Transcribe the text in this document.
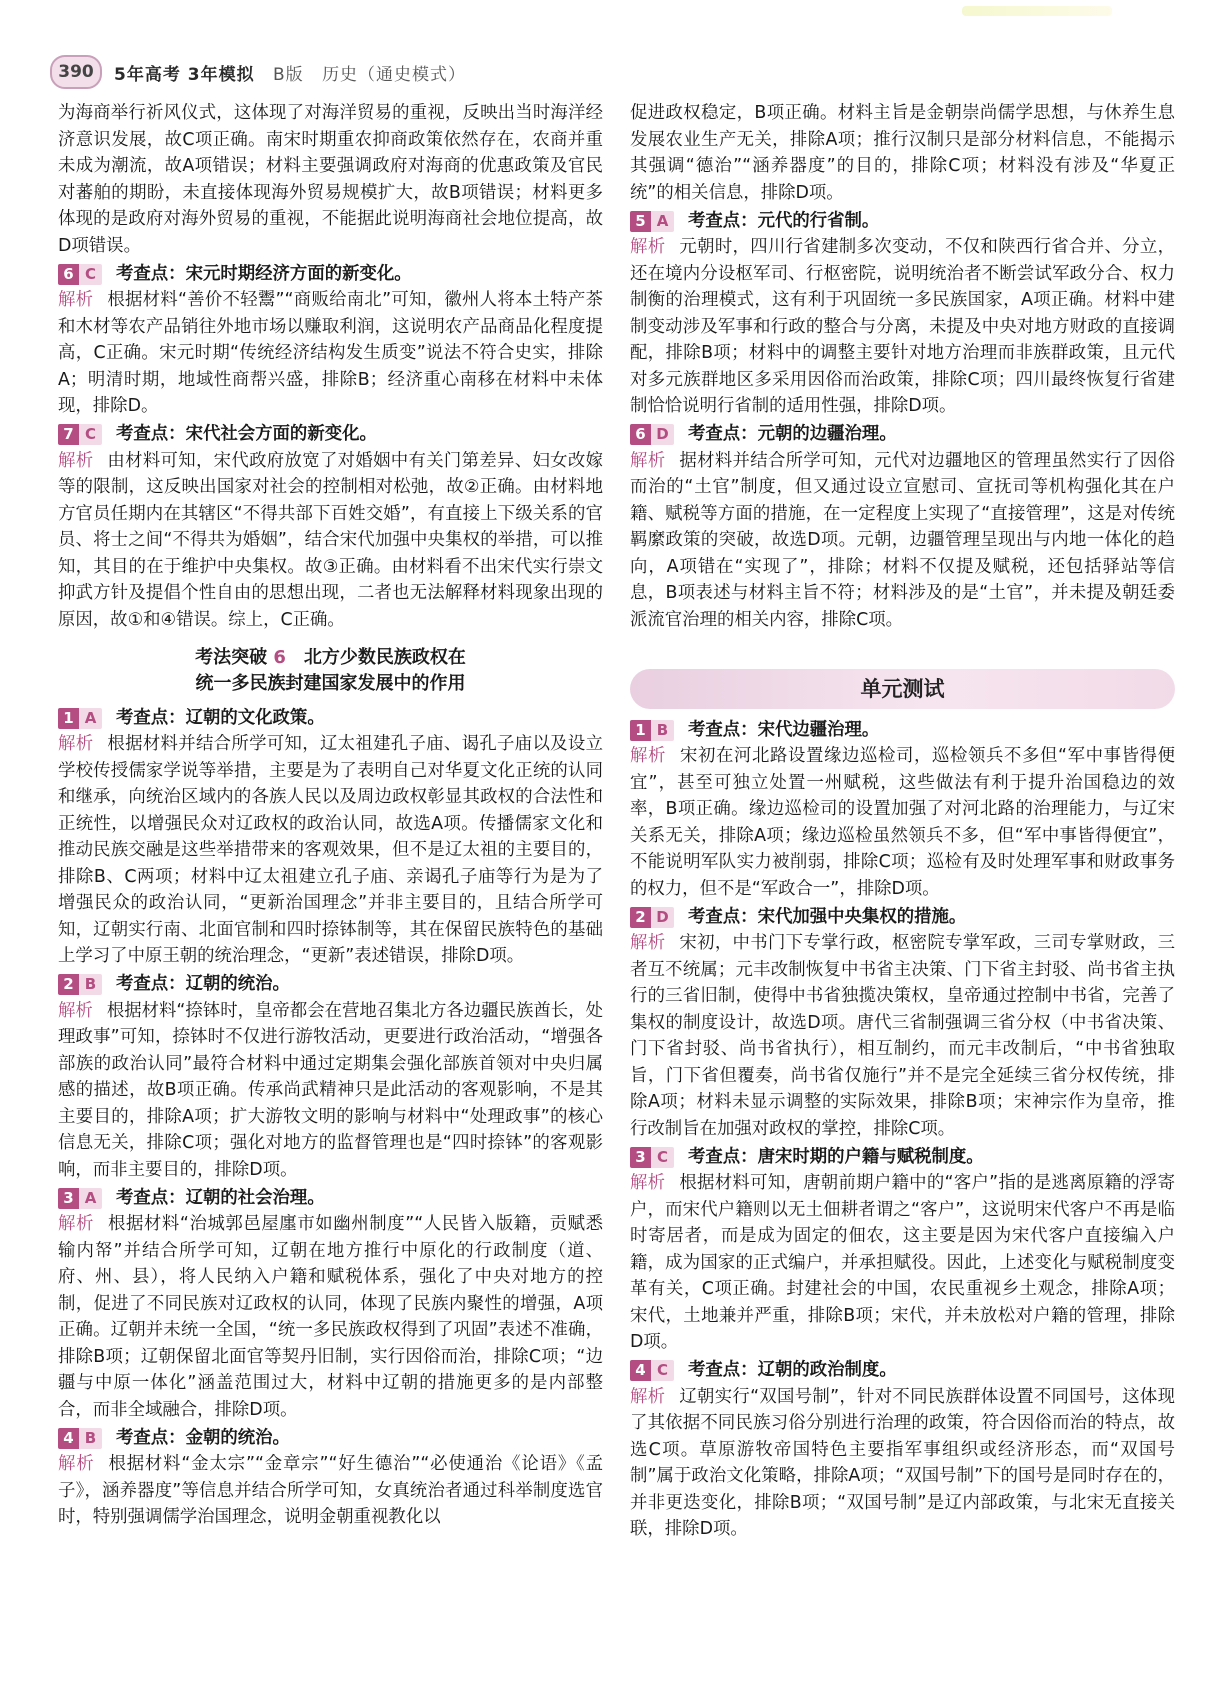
390	5年高考 3年模拟 B版 历史（通史模式）

为海商举行祈风仪式，这体现了对海洋贸易的重视，反映出当时海洋经济意识发展，故C项正确。南宋时期重农抑商政策依然存在，农商并重未成为潮流，故A项错误；材料主要强调政府对海商的优惠政策及官民对蕃舶的期盼，未直接体现海外贸易规模扩大，故B项错误；材料更多体现的是政府对海外贸易的重视，不能据此说明海商社会地位提高，故D项错误。

6 C	考查点： 宋元时期经济方面的新变化。

解析 根据材料“善价不轻鬻”“商贩给南北”可知，徽州人将本土特产茶和木材等农产品销往外地市场以赚取利润，这说明农产品商品化程度提高，C正确。宋元时期“传统经济结构发生质变”说法不符合史实，排除A；明清时期，地域性商帮兴盛，排除B；经济重心南移在材料中未体现，排除D。

7 C	考查点： 宋代社会方面的新变化。

解析 由材料可知，宋代政府放宽了对婚姻中有关门第差异、妇女改嫁等的限制，这反映出国家对社会的控制相对松弛，故②正确。由材料地方官员任期内在其辖区“不得共部下百姓交婚”，有直接上下级关系的官员、将士之间“不得共为婚姻”，结合宋代加强中央集权的举措，可以推知，其目的在于维护中央集权。故③正确。由材料看不出宋代实行崇文抑武方针及提倡个性自由的思想出现，二者也无法解释材料现象出现的原因，故①和④错误。综上，C正确。

考法突破 6　 北方少数民族政权在
统一多民族封建国家发展中的作用
1 A	考查点： 辽朝的文化政策。

解析 根据材料并结合所学可知，辽太祖建孔子庙、谒孔子庙以及设立学校传授儒家学说等举措，主要是为了表明自己对华夏文化正统的认同和继承，向统治区域内的各族人民以及周边政权彰显其政权的合法性和正统性，以增强民众对辽政权的政治认同，故选A项。传播儒家文化和推动民族交融是这些举措带来的客观效果，但不是辽太祖的主要目的，排除B、C两项；材料中辽太祖建立孔子庙、亲谒孔子庙等行为是为了增强民众的政治认同，“更新治国理念”并非主要目的，且结合所学可知，辽朝实行南、北面官制和四时捺钵制等，其在保留民族特色的基础上学习了中原王朝的统治理念，“更新”表述错误，排除D项。

2 B	考查点： 辽朝的统治。

解析 根据材料“捺钵时，皇帝都会在营地召集北方各边疆民族酋长，处理政事”可知，捺钵时不仅进行游牧活动，更要进行政治活动，“增强各部族的政治认同”最符合材料中通过定期集会强化部族首领对中央归属感的描述，故B项正确。传承尚武精神只是此活动的客观影响，不是其主要目的，排除A项；扩大游牧文明的影响与材料中“处理政事”的核心信息无关，排除C项；强化对地方的监督管理也是“四时捺钵”的客观影响，而非主要目的，排除D项。

3 A	考查点： 辽朝的社会治理。

解析 根据材料“治城郭邑屋廛市如幽州制度”“人民皆入版籍，贡赋悉输内帑”并结合所学可知，辽朝在地方推行中原化的行政制度（道、府、州、县），将人民纳入户籍和赋税体系，强化了中央对地方的控制，促进了不同民族对辽政权的认同，体现了民族内聚性的增强，A项正确。辽朝并未统一全国，“统一多民族政权得到了巩固”表述不准确，排除B项；辽朝保留北面官等契丹旧制，实行因俗而治，排除C项；“边疆与中原一体化”涵盖范围过大，材料中辽朝的措施更多的是内部整合，而非全域融合，排除D项。

4 B	考查点： 金朝的统治。

解析 根据材料“金太宗”“金章宗”“好生德治”“必使通治《论语》《孟子》，涵养器度”等信息并结合所学可知，女真统治者通过科举制度选官时，特别强调儒学治国理念，说明金朝重视教化以

促进政权稳定，B项正确。材料主旨是金朝崇尚儒学思想，与休养生息发展农业生产无关，排除A项；推行汉制只是部分材料信息，不能揭示其强调“德治”“涵养器度”的目的，排除C项；材料没有涉及“华夏正统”的相关信息，排除D项。

5 A	考查点： 元代的行省制。

解析 元朝时，四川行省建制多次变动，不仅和陕西行省合并、分立，还在境内分设枢军司、行枢密院，说明统治者不断尝试军政分合、权力制衡的治理模式，这有利于巩固统一多民族国家，A项正确。材料中建制变动涉及军事和行政的整合与分离，未提及中央对地方财政的直接调配，排除B项；材料中的调整主要针对地方治理而非族群政策，且元代对多元族群地区多采用因俗而治政策，排除C项；四川最终恢复行省建制恰恰说明行省制的适用性强，排除D项。

6 D	考查点： 元朝的边疆治理。

解析 据材料并结合所学可知，元代对边疆地区的管理虽然实行了因俗而治的“土官”制度，但又通过设立宣慰司、宣抚司等机构强化其在户籍、赋税等方面的措施，在一定程度上实现了“直接管理”，这是对传统羁縻政策的突破，故选D项。元朝，边疆管理呈现出与内地一体化的趋向，A项错在“实现了”，排除；材料不仅提及赋税，还包括驿站等信息，B项表述与材料主旨不符；材料涉及的是“土官”，并未提及朝廷委派流官治理的相关内容，排除C项。

单元测试
1 B	考查点： 宋代边疆治理。

解析 宋初在河北路设置缘边巡检司，巡检领兵不多但“军中事皆得便宜”，甚至可独立处置一州赋税，这些做法有利于提升治国稳边的效率，B项正确。缘边巡检司的设置加强了对河北路的治理能力，与辽宋关系无关，排除A项；缘边巡检虽然领兵不多，但“军中事皆得便宜”，不能说明军队实力被削弱，排除C项；巡检有及时处理军事和财政事务的权力，但不是“军政合一”，排除D项。

2 D	考查点： 宋代加强中央集权的措施。

解析 宋初，中书门下专掌行政，枢密院专掌军政，三司专掌财政，三者互不统属；元丰改制恢复中书省主决策、门下省主封驳、尚书省主执行的三省旧制，使得中书省独揽决策权，皇帝通过控制中书省，完善了集权的制度设计，故选D项。唐代三省制强调三省分权（中书省决策、门下省封驳、尚书省执行），相互制约，而元丰改制后，“中书省独取旨，门下省但覆奏，尚书省仅施行”并不是完全延续三省分权传统，排除A项；材料未显示调整的实际效果，排除B项；宋神宗作为皇帝，推行改制旨在加强对政权的掌控，排除C项。

3 C	考查点： 唐宋时期的户籍与赋税制度。

解析 根据材料可知，唐朝前期户籍中的“客户”指的是逃离原籍的浮寄户，而宋代户籍则以无土佃耕者谓之“客户”，这说明宋代客户不再是临时寄居者，而是成为固定的佃农，这主要是因为宋代客户直接编入户籍，成为国家的正式编户，并承担赋役。因此，上述变化与赋税制度变革有关，C项正确。封建社会的中国，农民重视乡土观念，排除A项；宋代，土地兼并严重，排除B项；宋代，并未放松对户籍的管理，排除D项。

4 C	考查点： 辽朝的政治制度。

解析 辽朝实行“双国号制”，针对不同民族群体设置不同国号，这体现了其依据不同民族习俗分别进行治理的政策，符合因俗而治的特点，故选C项。草原游牧帝国特色主要指军事组织或经济形态，而“双国号制”属于政治文化策略，排除A项；“双国号制”下的国号是同时存在的，并非更迭变化，排除B项；“双国号制”是辽内部政策，与北宋无直接关联，排除D项。
